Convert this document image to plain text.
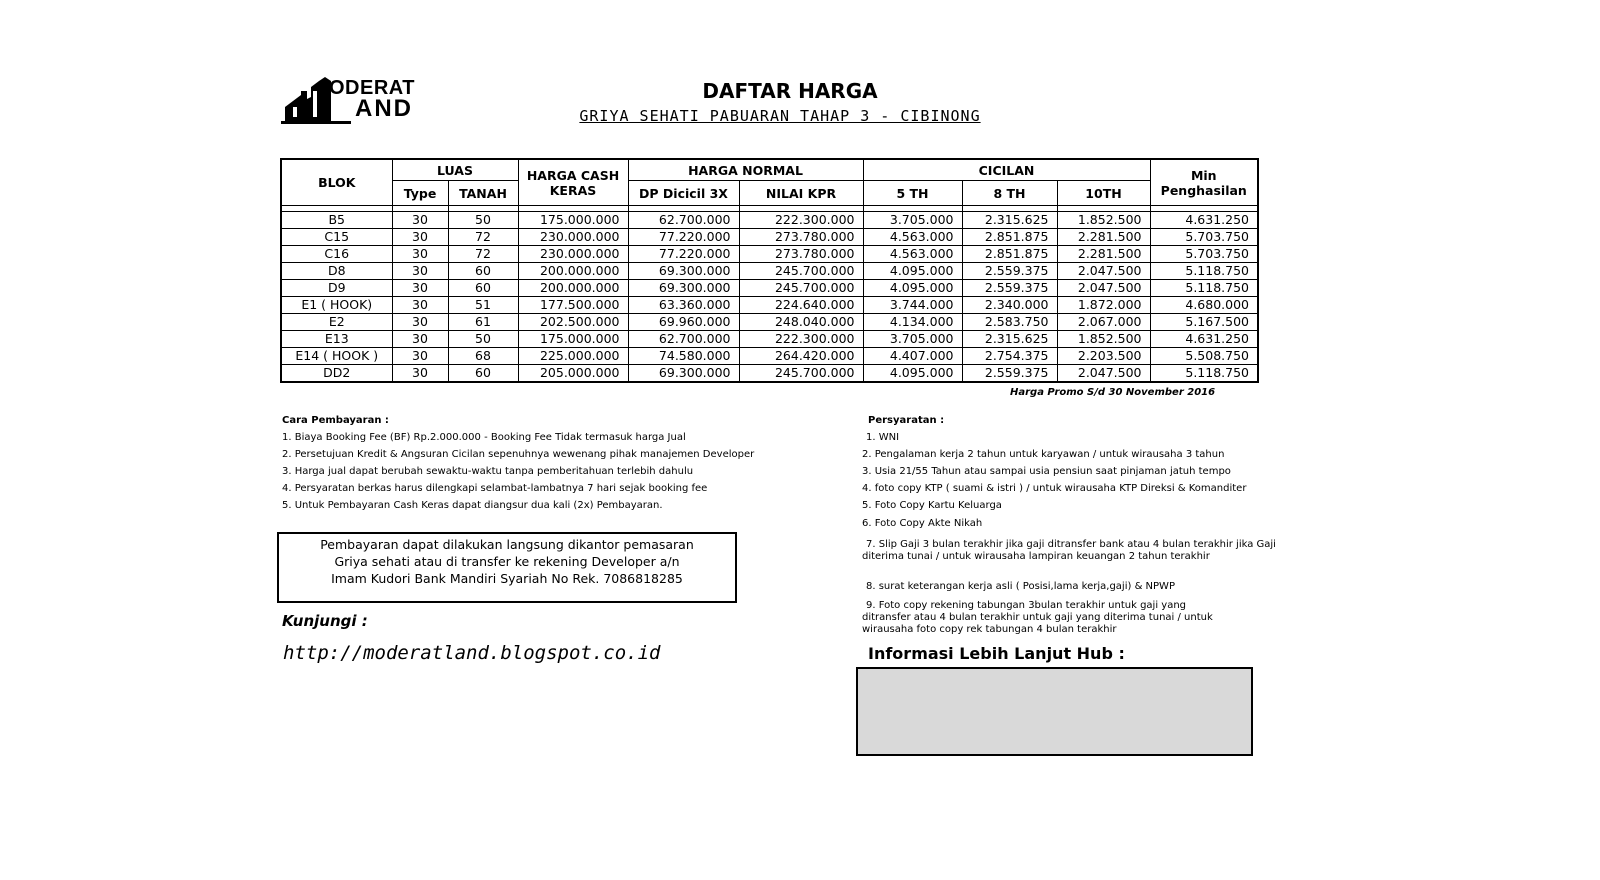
ODERAT
AND
DAFTAR HARGA
GRIYA SEHATI PABUARAN TAHAP 3 - CIBINONG
BLOK	LUAS		HARGA CASH KERAS	HARGA NORMAL		CICILAN			Min Penghasilan
	Type	TANAH		DP Dicicil 3X	NILAI KPR	5 TH	8 TH	10TH	

B5	30	50	175.000.000	62.700.000	222.300.000	3.705.000	2.315.625	1.852.500	4.631.250
C15	30	72	230.000.000	77.220.000	273.780.000	4.563.000	2.851.875	2.281.500	5.703.750
C16	30	72	230.000.000	77.220.000	273.780.000	4.563.000	2.851.875	2.281.500	5.703.750
D8	30	60	200.000.000	69.300.000	245.700.000	4.095.000	2.559.375	2.047.500	5.118.750
D9	30	60	200.000.000	69.300.000	245.700.000	4.095.000	2.559.375	2.047.500	5.118.750
E1 ( HOOK)	30	51	177.500.000	63.360.000	224.640.000	3.744.000	2.340.000	1.872.000	4.680.000
E2	30	61	202.500.000	69.960.000	248.040.000	4.134.000	2.583.750	2.067.000	5.167.500
E13	30	50	175.000.000	62.700.000	222.300.000	3.705.000	2.315.625	1.852.500	4.631.250
E14 ( HOOK )	30	68	225.000.000	74.580.000	264.420.000	4.407.000	2.754.375	2.203.500	5.508.750
DD2	30	60	205.000.000	69.300.000	245.700.000	4.095.000	2.559.375	2.047.500	5.118.750
Harga Promo S/d 30 November 2016
Cara Pembayaran :
1. Biaya Booking Fee (BF) Rp.2.000.000 - Booking Fee Tidak termasuk harga Jual
2. Persetujuan Kredit & Angsuran Cicilan sepenuhnya wewenang pihak manajemen Developer
3. Harga jual dapat berubah sewaktu-waktu tanpa pemberitahuan terlebih dahulu
4. Persyaratan berkas harus dilengkapi selambat-lambatnya 7 hari sejak booking fee
5. Untuk Pembayaran Cash Keras dapat diangsur dua kali (2x) Pembayaran.
Pembayaran dapat dilakukan langsung dikantor pemasaran
Griya sehati atau di transfer ke rekening Developer a/n
Imam Kudori Bank Mandiri Syariah No Rek. 7086818285
Kunjungi :
http://moderatland.blogspot.co.id
Persyaratan :
1. WNI
2. Pengalaman kerja 2 tahun untuk karyawan / untuk wirausaha 3 tahun
3. Usia 21/55 Tahun atau sampai usia pensiun saat pinjaman jatuh tempo
4. foto copy KTP ( suami & istri ) / untuk wirausaha KTP Direksi & Komanditer
5. Foto Copy Kartu Keluarga
6. Foto Copy Akte Nikah
7. Slip Gaji 3 bulan terakhir jika gaji ditransfer bank atau 4 bulan terakhir jika Gaji
diterima tunai / untuk wirausaha lampiran keuangan 2 tahun terakhir
8. surat keterangan kerja asli ( Posisi,lama kerja,gaji) & NPWP
9. Foto copy rekening tabungan 3bulan terakhir untuk gaji yang
ditransfer atau 4 bulan terakhir untuk gaji yang diterima tunai / untuk
wirausaha foto copy rek tabungan 4 bulan terakhir
Informasi Lebih Lanjut Hub :
